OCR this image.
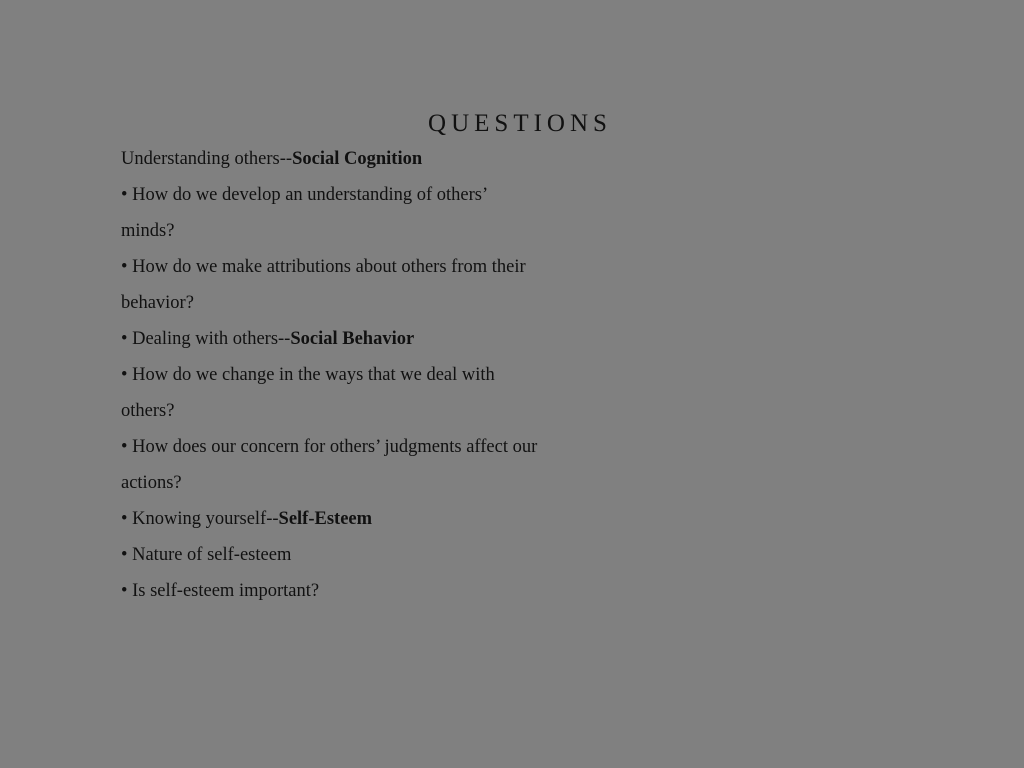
QUESTIONS
Understanding others--Social Cognition
• How do we develop an understanding of others’
minds?
• How do we make attributions about others from their
behavior?
• Dealing with others--Social Behavior
• How do we change in the ways that we deal with
others?
• How does our concern for others’ judgments affect our
actions?
• Knowing yourself--Self-Esteem
• Nature of self-esteem
• Is self-esteem important?
